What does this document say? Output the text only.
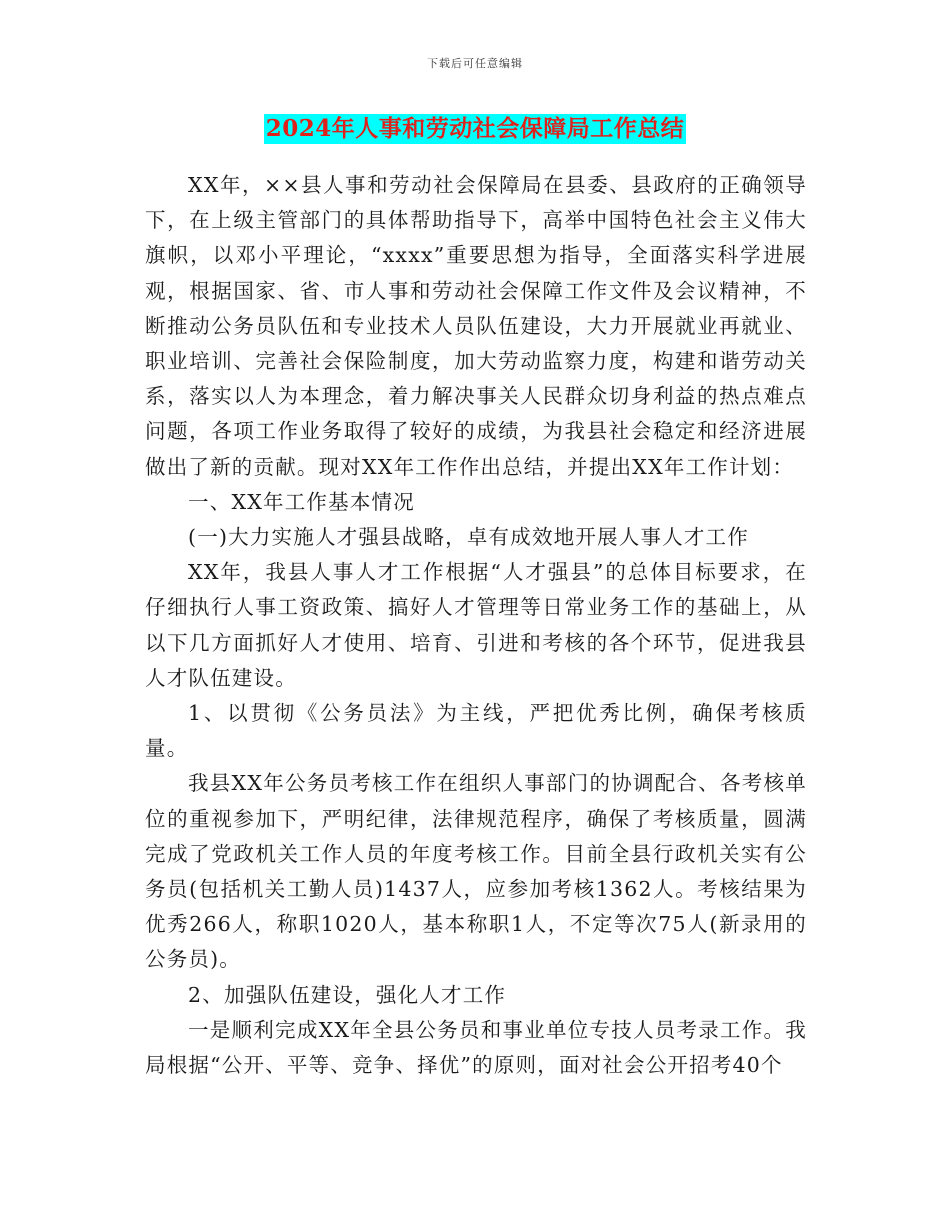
下载后可任意编辑
2024年人事和劳动社会保障局工作总结

XX年，××县人事和劳动社会保障局在县委、县政府的正确领导下，在上级主管部门的具体帮助指导下，高举中国特色社会主义伟大旗帜，以邓小平理论，“xxxx”重要思想为指导，全面落实科学进展观，根据国家、省、市人事和劳动社会保障工作文件及会议精神，不断推动公务员队伍和专业技术人员队伍建设，大力开展就业再就业、职业培训、完善社会保险制度，加大劳动监察力度，构建和谐劳动关系，落实以人为本理念，着力解决事关人民群众切身利益的热点难点问题，各项工作业务取得了较好的成绩，为我县社会稳定和经济进展做出了新的贡献。现对XX年工作作出总结，并提出XX年工作计划：

一、XX年工作基本情况

(一)大力实施人才强县战略，卓有成效地开展人事人才工作

XX年，我县人事人才工作根据“人才强县”的总体目标要求，在仔细执行人事工资政策、搞好人才管理等日常业务工作的基础上，从以下几方面抓好人才使用、培育、引进和考核的各个环节，促进我县人才队伍建设。

1、以贯彻《公务员法》为主线，严把优秀比例，确保考核质量。

我县XX年公务员考核工作在组织人事部门的协调配合、各考核单位的重视参加下，严明纪律，法律规范程序，确保了考核质量，圆满完成了党政机关工作人员的年度考核工作。目前全县行政机关实有公务员(包括机关工勤人员)1437人，应参加考核1362人。考核结果为优秀266人，称职1020人，基本称职1人，不定等次75人(新录用的公务员)。

2、加强队伍建设，强化人才工作

一是顺利完成XX年全县公务员和事业单位专技人员考录工作。我局根据“公开、平等、竞争、择优”的原则，面对社会公开招考40个
